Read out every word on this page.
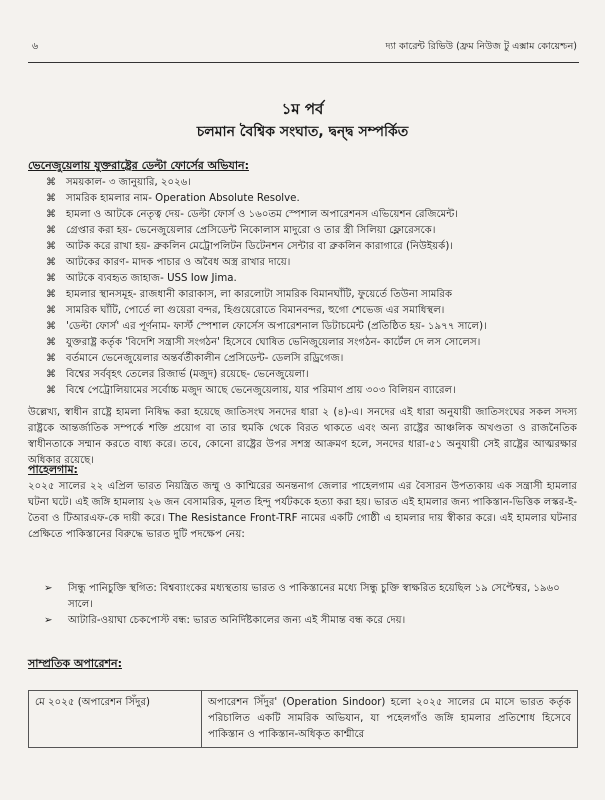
৬	দ্যা কারেন্ট রিভিউ (ফ্রম নিউজ টু এক্সাম কোয়েশ্চন)
১ম পর্ব
চলমান বৈশ্বিক সংঘাত, দ্বন্দ্ব সম্পর্কিত
ভেনেজুয়েলায় যুক্তরাষ্ট্রের ডেল্টা ফোর্সের অভিযান:
⌘ সময়কাল- ৩ জানুয়ারি, ২০২৬।
⌘ সামরিক হামলার নাম- Operation Absolute Resolve.
⌘ হামলা ও আটকে নেতৃত্ব দেয়- ডেল্টা ফোর্স ও ১৬০তম স্পেশাল অপারেশনস এভিয়েশন রেজিমেন্ট।
⌘ গ্রেপ্তার করা হয়- ভেনেজুয়েলার প্রেসিডেন্ট নিকোলাস মাদুরো ও তার স্ত্রী সিলিয়া ফ্লোরেসকে।
⌘ আটক করে রাখা হয়- ব্রুকলিন মেট্রোপলিটন ডিটেনশন সেন্টার বা ব্রুকলিন কারাগারে (নিউইয়র্ক)।
⌘ আটকের কারণ- মাদক পাচার ও অবৈধ অস্ত্র রাখার দায়ে।
⌘ আটকে ব্যবহৃত জাহাজ- USS Iow Jima.
⌘ হামলার স্থানসমূহ- রাজধানী কারাকাস, লা কারলোটা সামরিক বিমানঘাঁটি, ফুয়ের্তে তিউনা সামরিক
⌘ সামরিক ঘাঁটি, পোর্তে লা গুয়েরা বন্দর, হিগুয়েরোতে বিমানবন্দর, হুগো শেভেজ এর সমাধিস্থল।
⌘ 'ডেল্টা ফোর্স' এর পূর্ণনাম- ফার্স্ট স্পেশাল ফোর্সেস অপারেশনাল ডিটাচমেন্ট (প্রতিষ্ঠিত হয়- ১৯৭৭ সালে)।
⌘ যুক্তরাষ্ট্র কর্তৃক 'বিদেশি সন্ত্রাসী সংগঠন' হিসেবে ঘোষিত ভেনিজুয়েলার সংগঠন- কার্টেল দে লস সোলেস।
⌘ বর্তমানে ভেনেজুয়েলার অন্তর্বর্তীকালীন প্রেসিডেন্ট- ডেলসি রড্রিগেজ।
⌘ বিশ্বের সর্ববৃহৎ তেলের রিজার্ভ (মজুদ) রয়েছে- ভেনেজুয়েলা।
⌘ বিশ্বে পেট্রোলিয়ামের সর্বোচ্চ মজুদ আছে ভেনেজুয়েলায়, যার পরিমাণ প্রায় ৩০৩ বিলিয়ন ব্যারেল।

উল্লেখ্য, স্বাধীন রাষ্ট্রে হামলা নিষিদ্ধ করা হয়েছে জাতিসংঘ সনদের ধারা ২ (৪)-এ। সনদের এই ধারা অনুযায়ী জাতিসংঘের সকল সদস্য রাষ্ট্রকে আন্তর্জাতিক সম্পর্কে শক্তি প্রয়োগ বা তার হুমকি থেকে বিরত থাকতে এবং অন্য রাষ্ট্রের আঞ্চলিক অখণ্ডতা ও রাজনৈতিক স্বাধীনতাকে সম্মান করতে বাধ্য করে। তবে, কোনো রাষ্ট্রের উপর সশস্ত্র আক্রমণ হলে, সনদের ধারা-৫১ অনুযায়ী সেই রাষ্ট্রের আত্মরক্ষার অধিকার রয়েছে।

পাহেলগাম:

২০২৫ সালের ২২ এপ্রিল ভারত নিয়ন্ত্রিত জম্মু ও কাশ্মিরের অনন্তনাগ জেলার পাহেলগাম এর বৈসারন উপত্যকায় এক সন্ত্রাসী হামলার ঘটনা ঘটে। এই জঙ্গি হামলায় ২৬ জন বেসামরিক, মূলত হিন্দু পর্যটককে হত্যা করা হয়। ভারত এই হামলার জন্য পাকিস্তান-ভিত্তিক লস্কর-ই-তৈবা ও টিআরএফ-কে দায়ী করে। The Resistance Front-TRF নামের একটি গোষ্ঠী এ হামলার দায় স্বীকার করে। এই হামলার ঘটনার প্রেক্ষিতে পাকিস্তানের বিরুদ্ধে ভারত দুটি পদক্ষেপ নেয়:

➢ সিন্ধু পানিচুক্তি স্থগিত: বিশ্বব্যাংকের মধ্যস্থতায় ভারত ও পাকিস্তানের মধ্যে সিন্ধু চুক্তি স্বাক্ষরিত হয়েছিল ১৯ সেপ্টেম্বর, ১৯৬০ সালে।
➢ আটারি-ওয়াঘা চেকপোস্ট বন্ধ: ভারত অনির্দিষ্টকালের জন্য এই সীমান্ত বন্ধ করে দেয়।
সাম্প্রতিক অপারেশন:
মে ২০২৫ (অপারেশন সিঁদুর)	অপারেশন সিঁদুর' (Operation Sindoor) হলো ২০২৫ সালের মে মাসে ভারত কর্তৃক পরিচালিত একটি সামরিক অভিযান, যা পহেলগাঁও জঙ্গি হামলার প্রতিশোধ হিসেবে পাকিস্তান ও পাকিস্তান-অধিকৃত কাশ্মীরে
